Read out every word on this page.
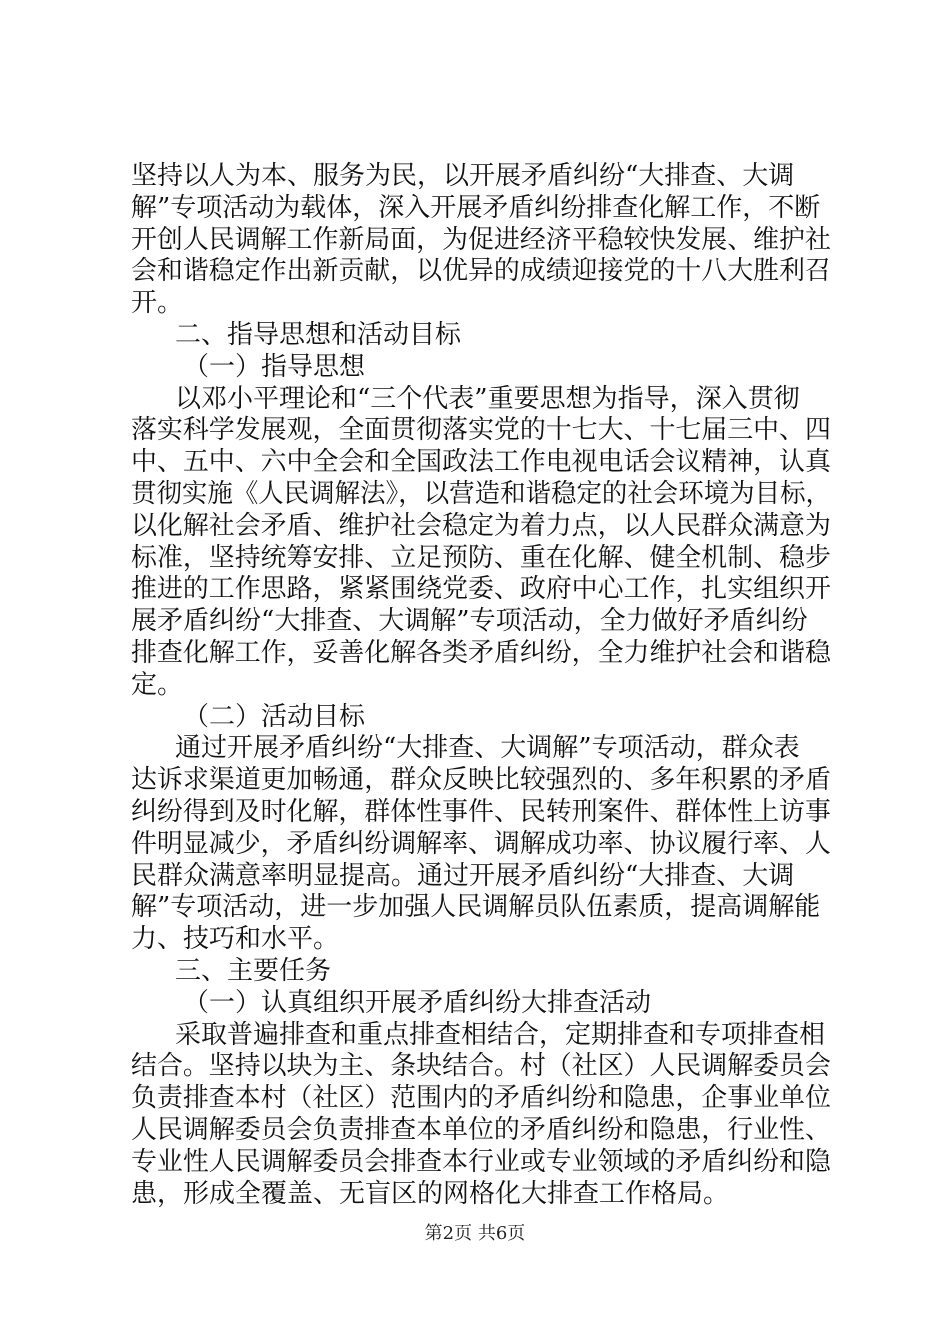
坚持以人为本、服务为民，以开展矛盾纠纷“大排查、大调

解”专项活动为载体，深入开展矛盾纠纷排查化解工作，不断

开创人民调解工作新局面，为促进经济平稳较快发展、维护社

会和谐稳定作出新贡献，以优异的成绩迎接党的十八大胜利召

开。

二、指导思想和活动目标

（一）指导思想

以邓小平理论和“三个代表”重要思想为指导，深入贯彻

落实科学发展观，全面贯彻落实党的十七大、十七届三中、四

中、五中、六中全会和全国政法工作电视电话会议精神，认真

贯彻实施《人民调解法》，以营造和谐稳定的社会环境为目标，

以化解社会矛盾、维护社会稳定为着力点，以人民群众满意为

标准，坚持统筹安排、立足预防、重在化解、健全机制、稳步

推进的工作思路，紧紧围绕党委、政府中心工作，扎实组织开

展矛盾纠纷“大排查、大调解”专项活动，全力做好矛盾纠纷

排查化解工作，妥善化解各类矛盾纠纷，全力维护社会和谐稳

定。

（二）活动目标

通过开展矛盾纠纷“大排查、大调解”专项活动，群众表

达诉求渠道更加畅通，群众反映比较强烈的、多年积累的矛盾

纠纷得到及时化解，群体性事件、民转刑案件、群体性上访事

件明显减少，矛盾纠纷调解率、调解成功率、协议履行率、人

民群众满意率明显提高。通过开展矛盾纠纷“大排查、大调

解”专项活动，进一步加强人民调解员队伍素质，提高调解能

力、技巧和水平。

三、主要任务

（一）认真组织开展矛盾纠纷大排查活动

采取普遍排查和重点排查相结合，定期排查和专项排查相

结合。坚持以块为主、条块结合。村（社区）人民调解委员会

负责排查本村（社区）范围内的矛盾纠纷和隐患，企事业单位

人民调解委员会负责排查本单位的矛盾纠纷和隐患，行业性、

专业性人民调解委员会排查本行业或专业领域的矛盾纠纷和隐

患，形成全覆盖、无盲区的网格化大排查工作格局。

第2页 共6页
